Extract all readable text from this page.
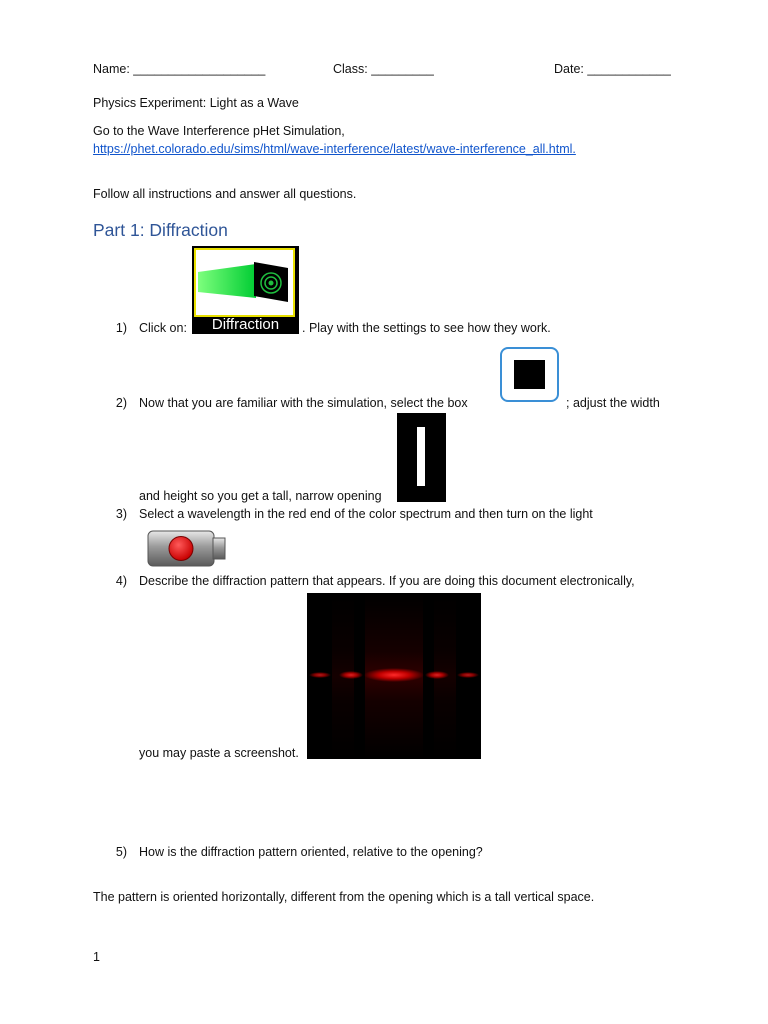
Name: ___________________	Class: _________	Date: ____________
Physics Experiment: Light as a Wave
Go to the Wave Interference pHet Simulation,
https://phet.colorado.edu/sims/html/wave-interference/latest/wave-interference_all.html.
Follow all instructions and answer all questions.
Part 1: Diffraction
Diffraction
1) Click on:	. Play with the settings to see how they work.
2) Now that you are familiar with the simulation, select the box	; adjust the width
and height so you get a tall, narrow opening
3) Select a wavelength in the red end of the color spectrum and then turn on the light
4) Describe the diffraction pattern that appears. If you are doing this document electronically,
you may paste a screenshot.
5) How is the diffraction pattern oriented, relative to the opening?
The pattern is oriented horizontally, different from the opening which is a tall vertical space.
1
